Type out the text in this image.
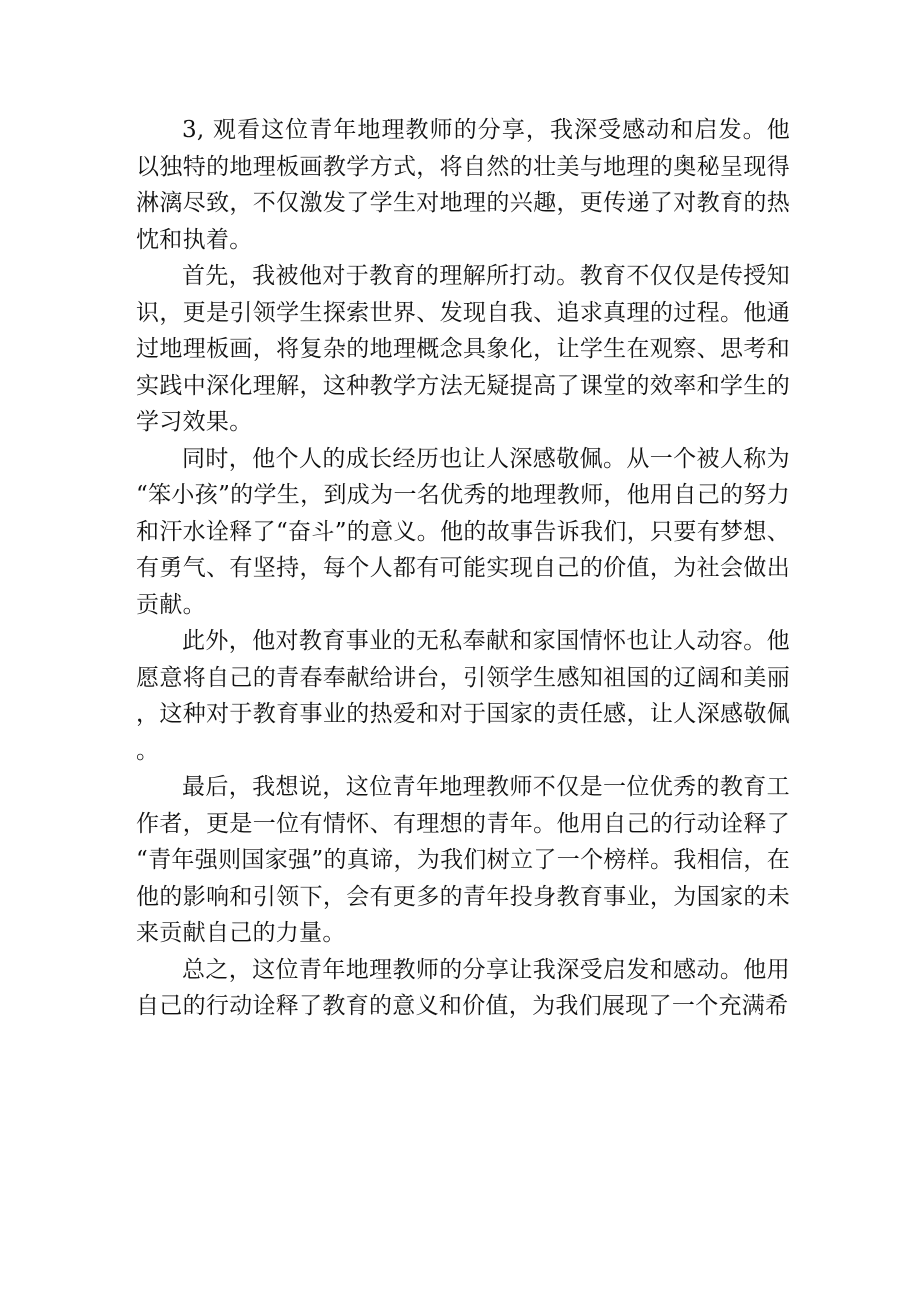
3, 观看这位青年地理教师的分享，我深受感动和启发。他以独特的地理板画教学方式，将自然的壮美与地理的奥秘呈现得淋漓尽致，不仅激发了学生对地理的兴趣，更传递了对教育的热忱和执着。

首先，我被他对于教育的理解所打动。教育不仅仅是传授知识，更是引领学生探索世界、发现自我、追求真理的过程。他通过地理板画，将复杂的地理概念具象化，让学生在观察、思考和实践中深化理解，这种教学方法无疑提高了课堂的效率和学生的学习效果。

同时，他个人的成长经历也让人深感敬佩。从一个被人称为“笨小孩”的学生，到成为一名优秀的地理教师，他用自己的努力和汗水诠释了“奋斗”的意义。他的故事告诉我们，只要有梦想、有勇气、有坚持，每个人都有可能实现自己的价值，为社会做出贡献。

此外，他对教育事业的无私奉献和家国情怀也让人动容。他愿意将自己的青春奉献给讲台，引领学生感知祖国的辽阔和美丽，这种对于教育事业的热爱和对于国家的责任感，让人深感敬佩。

最后，我想说，这位青年地理教师不仅是一位优秀的教育工作者，更是一位有情怀、有理想的青年。他用自己的行动诠释了“青年强则国家强”的真谛，为我们树立了一个榜样。我相信，在他的影响和引领下，会有更多的青年投身教育事业，为国家的未来贡献自己的力量。

总之，这位青年地理教师的分享让我深受启发和感动。他用自己的行动诠释了教育的意义和价值，为我们展现了一个充满希
